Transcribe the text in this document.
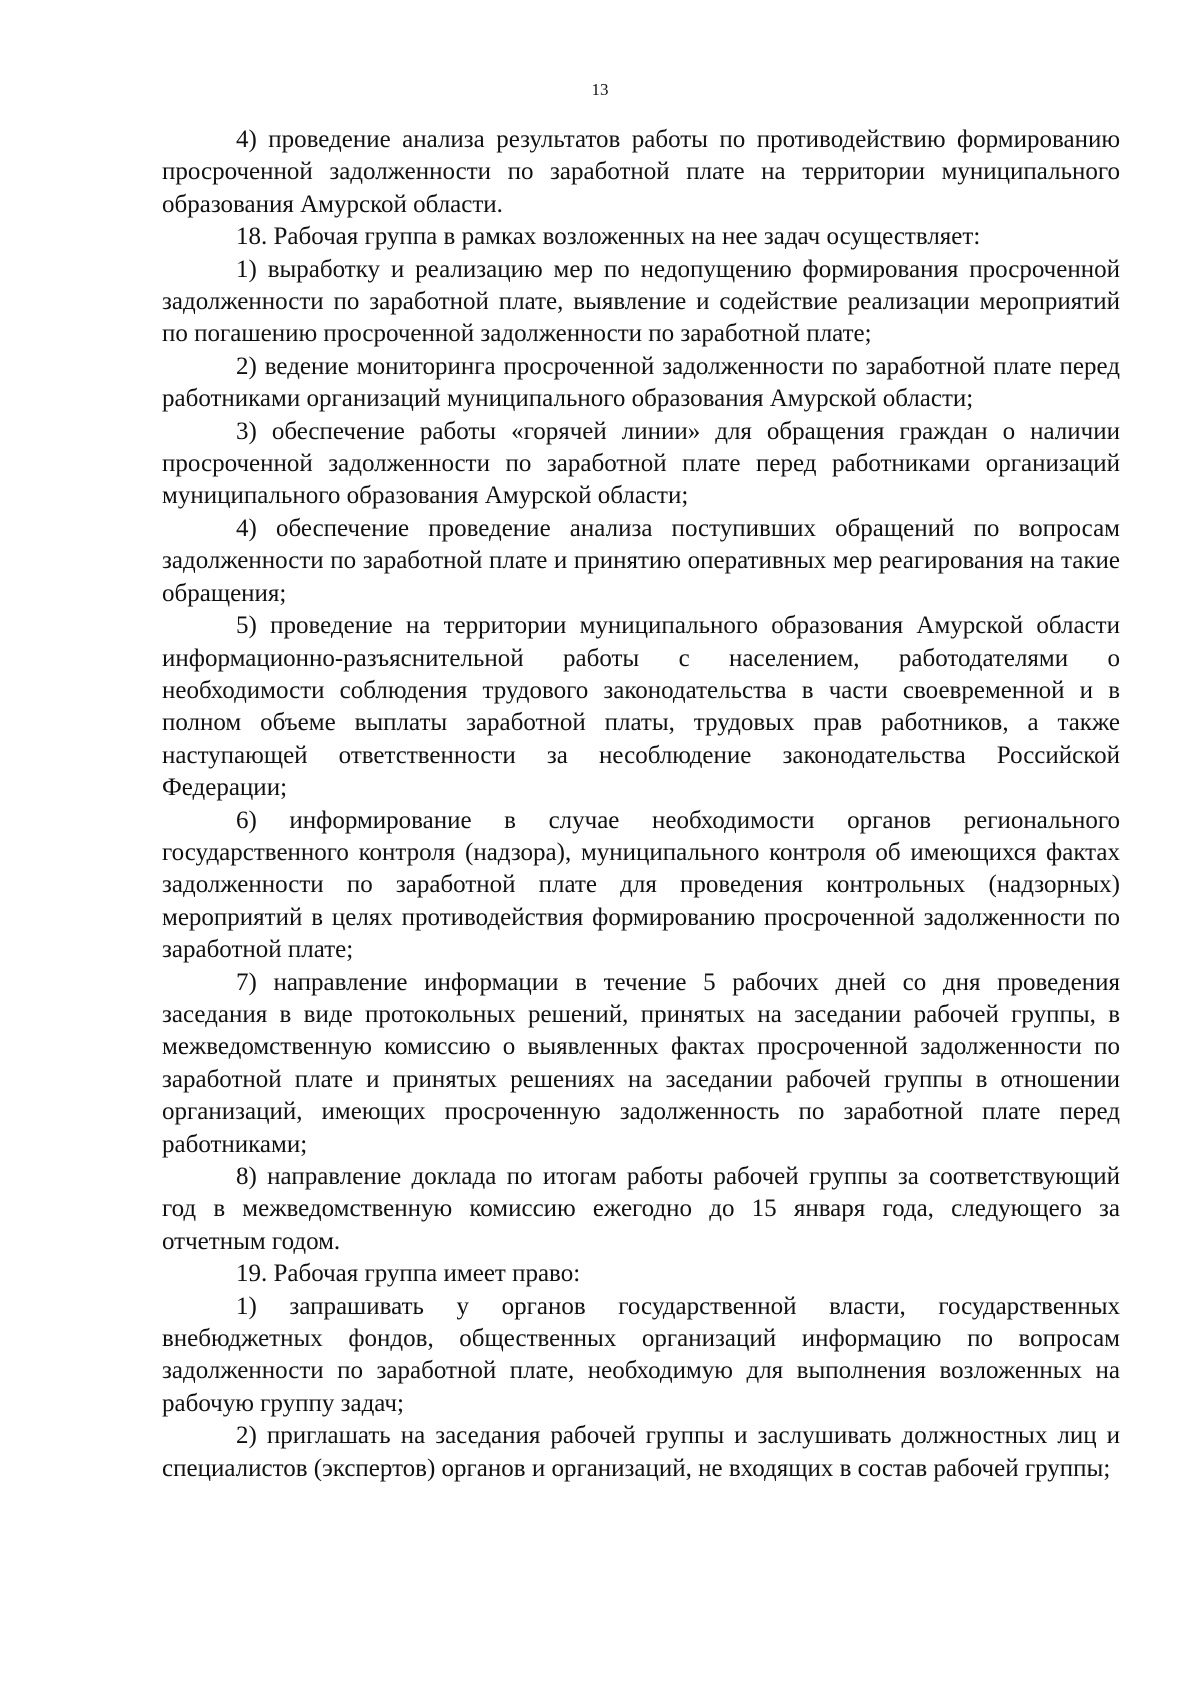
13

4) проведение анализа результатов работы по противодействию формированию просроченной задолженности по заработной плате на территории муниципального образования Амурской области.

18. Рабочая группа в рамках возложенных на нее задач осуществляет:

1) выработку и реализацию мер по недопущению формирования просроченной задолженности по заработной плате, выявление и содействие реализации мероприятий по погашению просроченной задолженности по заработной плате;

2) ведение мониторинга просроченной задолженности по заработной плате перед работниками организаций муниципального образования Амурской области;

3) обеспечение работы «горячей линии» для обращения граждан о наличии просроченной задолженности по заработной плате перед работниками организаций муниципального образования Амурской области;

4) обеспечение проведение анализа поступивших обращений по вопросам задолженности по заработной плате и принятию оперативных мер реагирования на такие обращения;

5) проведение на территории муниципального образования Амурской области информационно-разъяснительной работы с населением, работодателями о необходимости соблюдения трудового законодательства в части своевременной и в полном объеме выплаты заработной платы, трудовых прав работников, а также наступающей ответственности за несоблюдение законодательства Российской Федерации;

6) информирование в случае необходимости органов регионального государственного контроля (надзора), муниципального контроля об имеющихся фактах задолженности по заработной плате для проведения контрольных (надзорных) мероприятий в целях противодействия формированию просроченной задолженности по заработной плате;

7) направление информации в течение 5 рабочих дней со дня проведения заседания в виде протокольных решений, принятых на заседании рабочей группы, в межведомственную комиссию о выявленных фактах просроченной задолженности по заработной плате и принятых решениях на заседании рабочей группы в отношении организаций, имеющих просроченную задолженность по заработной плате перед работниками;

8) направление доклада по итогам работы рабочей группы за соответствующий год в межведомственную комиссию ежегодно до 15 января года, следующего за отчетным годом.

19. Рабочая группа имеет право:

1) запрашивать у органов государственной власти, государственных внебюджетных фондов, общественных организаций информацию по вопросам задолженности по заработной плате, необходимую для выполнения возложенных на рабочую группу задач;

2) приглашать на заседания рабочей группы и заслушивать должностных лиц и специалистов (экспертов) органов и организаций, не входящих в состав рабочей группы;
